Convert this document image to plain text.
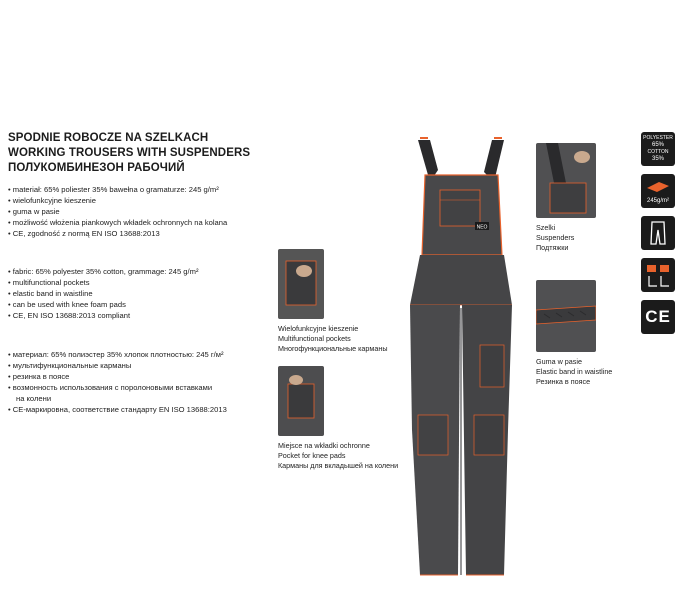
SPODNIE ROBOCZE NA SZELKACH
WORKING TROUSERS WITH SUSPENDERS
ПОЛУКОМБИНЕЗОН РАБОЧИЙ
• materiał: 65% poliester 35% bawełna o gramaturze: 245 g/m²
• wielofunkcyjne kieszenie
• guma w pasie
• możliwość włożenia piankowych wkładek ochronnych na kolana
• CE, zgodność z normą EN ISO 13688:2013
• fabric: 65% polyester 35% cotton, grammage: 245 g/m²
• multifunctional pockets
• elastic band in waistline
• can be used with knee foam pads
• CE, EN ISO 13688:2013 compliant
• материал: 65% полиэстер 35% хлопок плотностью: 245 г/м²
• мультифункциональные карманы
• резинка в поясе
• возмонность использования с поролоновыми вставками
на колени
• CE-маркировна, соответствие стандарту EN ISO 13688:2013
NEO
Wielofunkcyjne kieszenie
Multifunctional pockets
Многофункциональные карманы
Miejsce na wkładki ochronne
Pocket for knee pads
Карманы для вкладышей на колени
Szelki
Suspenders
Подтяжки
Guma w pasie
Elastic band in waistline
Резинка в поясе
POLYESTER
65%
COTTON
35%
245g/m²
CE
